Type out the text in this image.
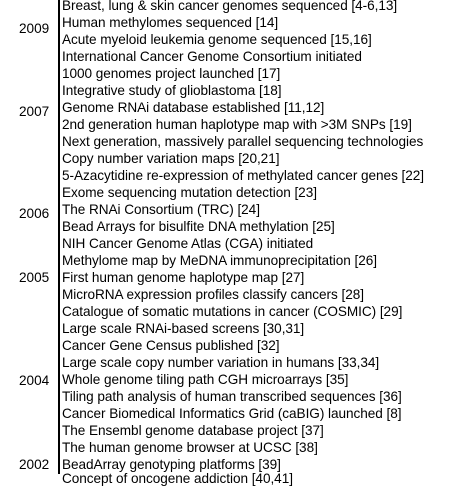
2009
2007
2006
2005
2004
2002
Breast, lung & skin cancer genomes sequenced [4-6,13]
Human methylomes sequenced [14]
Acute myeloid leukemia genome sequenced [15,16]
International Cancer Genome Consortium initiated
1000 genomes project launched [17]
Integrative study of glioblastoma [18]
Genome RNAi database established [11,12]
2nd generation human haplotype map with >3M SNPs [19]
Next generation, massively parallel sequencing technologies
Copy number variation maps [20,21]
5-Azacytidine re-expression of methylated cancer genes [22]
Exome sequencing mutation detection [23]
The RNAi Consortium (TRC) [24]
Bead Arrays for bisulfite DNA methylation [25]
NIH Cancer Genome Atlas (CGA) initiated
Methylome map by MeDNA immunoprecipitation [26]
First human genome haplotype map [27]
MicroRNA expression profiles classify cancers [28]
Catalogue of somatic mutations in cancer (COSMIC) [29]
Large scale RNAi-based screens [30,31]
Cancer Gene Census published [32]
Large scale copy number variation in humans [33,34]
Whole genome tiling path CGH microarrays [35]
Tiling path analysis of human transcribed sequences [36]
Cancer Biomedical Informatics Grid (caBIG) launched [8]
The Ensembl genome database project [37]
The human genome browser at UCSC [38]
BeadArray genotyping platforms [39]
Concept of oncogene addiction [40,41]
